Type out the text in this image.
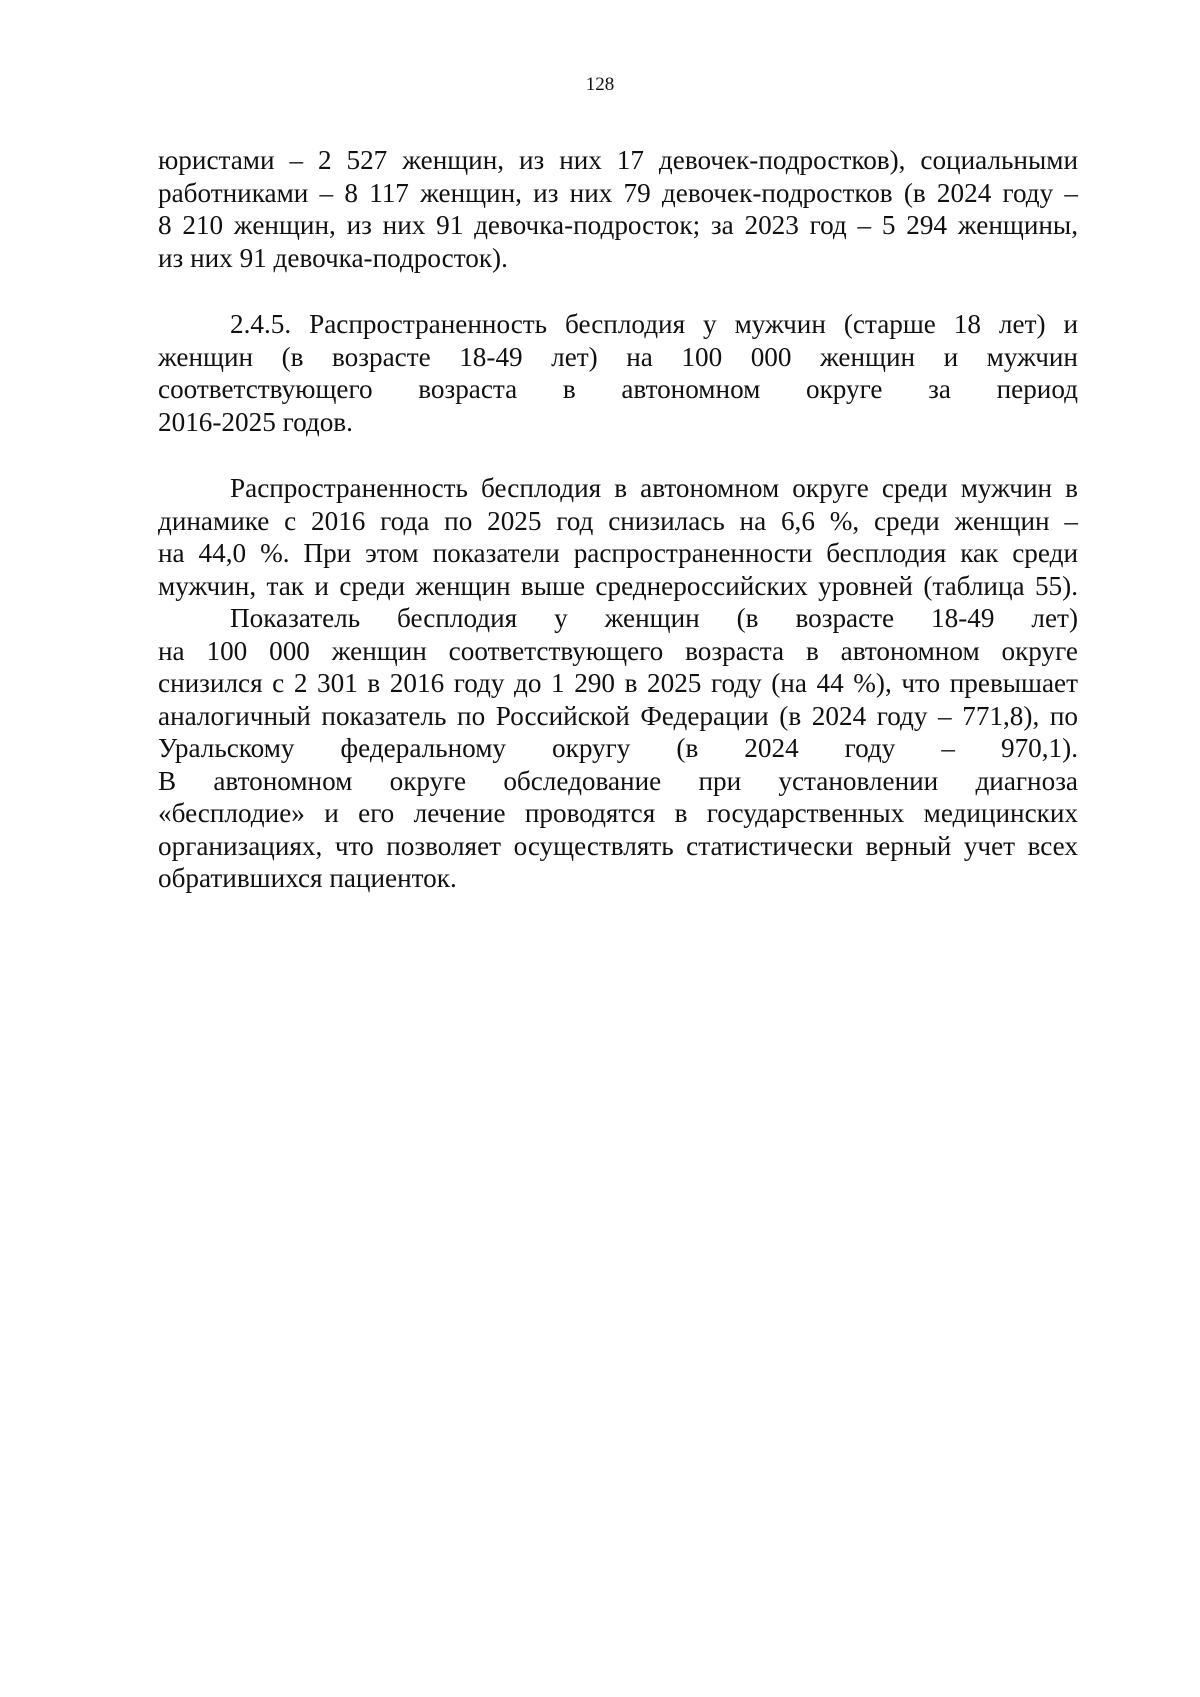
128
юристами – 2 527 женщин, из них 17 девочек-подростков), социальными
работниками – 8 117 женщин, из них 79 девочек-подростков (в 2024 году –
8 210 женщин, из них 91 девочка-подросток; за 2023 год – 5 294 женщины,
из них 91 девочка-подросток).
2.4.5. Распространенность бесплодия у мужчин (старше 18 лет) и
женщин (в возрасте 18-49 лет) на 100 000 женщин и мужчин
соответствующего возраста в автономном округе за период
2016-2025 годов.
Распространенность бесплодия в автономном округе среди мужчин в
динамике с 2016 года по 2025 год снизилась на 6,6 %, среди женщин –
на 44,0 %. При этом показатели распространенности бесплодия как среди
мужчин, так и среди женщин выше среднероссийских уровней (таблица 55).
Показатель бесплодия у женщин (в возрасте 18-49 лет)
на 100 000 женщин соответствующего возраста в автономном округе
снизился с 2 301 в 2016 году до 1 290 в 2025 году (на 44 %), что превышает
аналогичный показатель по Российской Федерации (в 2024 году – 771,8), по
Уральскому федеральному округу (в 2024 году – 970,1).
В автономном округе обследование при установлении диагноза
«бесплодие» и его лечение проводятся в государственных медицинских
организациях, что позволяет осуществлять статистически верный учет всех
обратившихся пациенток.
